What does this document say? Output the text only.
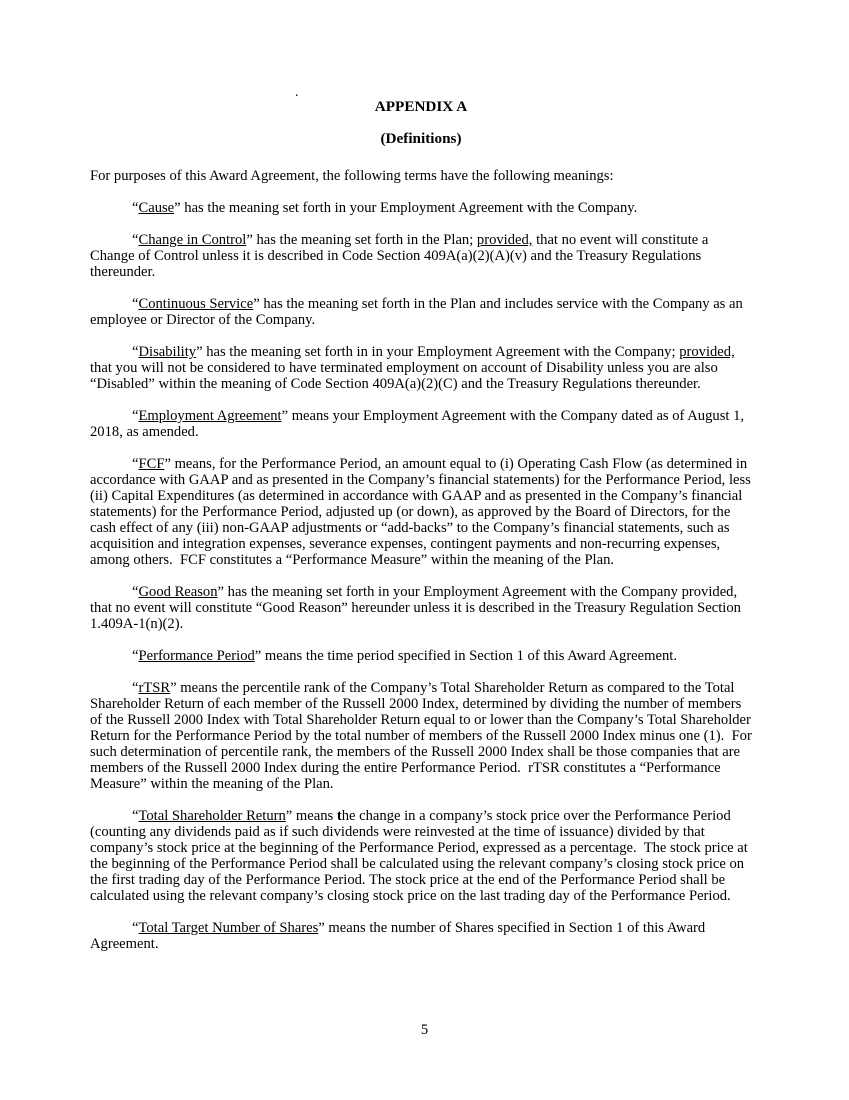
.
APPENDIX A
(Definitions)

For purposes of this Award Agreement, the following terms have the following meanings:

“Cause” has the meaning set forth in your Employment Agreement with the Company.

“Change in Control” has the meaning set forth in the Plan; provided, that no event will constitute a Change of Control unless it is described in Code Section 409A(a)(2)(A)(v) and the Treasury Regulations thereunder.

“Continuous Service” has the meaning set forth in the Plan and includes service with the Company as an employee or Director of the Company.

“Disability” has the meaning set forth in in your Employment Agreement with the Company; provided, that you will not be considered to have terminated employment on account of Disability unless you are also “Disabled” within the meaning of Code Section 409A(a)(2)(C) and the Treasury Regulations thereunder.

“Employment Agreement” means your Employment Agreement with the Company dated as of August 1, 2018, as amended.

“FCF” means, for the Performance Period, an amount equal to (i) Operating Cash Flow (as determined in accordance with GAAP and as presented in the Company’s financial statements) for the Performance Period, less (ii) Capital Expenditures (as determined in accordance with GAAP and as presented in the Company’s financial statements) for the Performance Period, adjusted up (or down), as approved by the Board of Directors, for the cash effect of any (iii) non-GAAP adjustments or “add-backs” to the Company’s financial statements, such as acquisition and integration expenses, severance expenses, contingent payments and non-recurring expenses, among others.  FCF constitutes a “Performance Measure” within the meaning of the Plan.

“Good Reason” has the meaning set forth in your Employment Agreement with the Company provided, that no event will constitute “Good Reason” hereunder unless it is described in the Treasury Regulation Section 1.409A-1(n)(2).

“Performance Period” means the time period specified in Section 1 of this Award Agreement.

“rTSR” means the percentile rank of the Company’s Total Shareholder Return as compared to the Total Shareholder Return of each member of the Russell 2000 Index, determined by dividing the number of members of the Russell 2000 Index with Total Shareholder Return equal to or lower than the Company’s Total Shareholder Return for the Performance Period by the total number of members of the Russell 2000 Index minus one (1).  For such determination of percentile rank, the members of the Russell 2000 Index shall be those companies that are members of the Russell 2000 Index during the entire Performance Period.  rTSR constitutes a “Performance Measure” within the meaning of the Plan.

“Total Shareholder Return” means the change in a company’s stock price over the Performance Period (counting any dividends paid as if such dividends were reinvested at the time of issuance) divided by that company’s stock price at the beginning of the Performance Period, expressed as a percentage.  The stock price at the beginning of the Performance Period shall be calculated using the relevant company’s closing stock price on the first trading day of the Performance Period. The stock price at the end of the Performance Period shall be calculated using the relevant company’s closing stock price on the last trading day of the Performance Period.

“Total Target Number of Shares” means the number of Shares specified in Section 1 of this Award Agreement.

5
